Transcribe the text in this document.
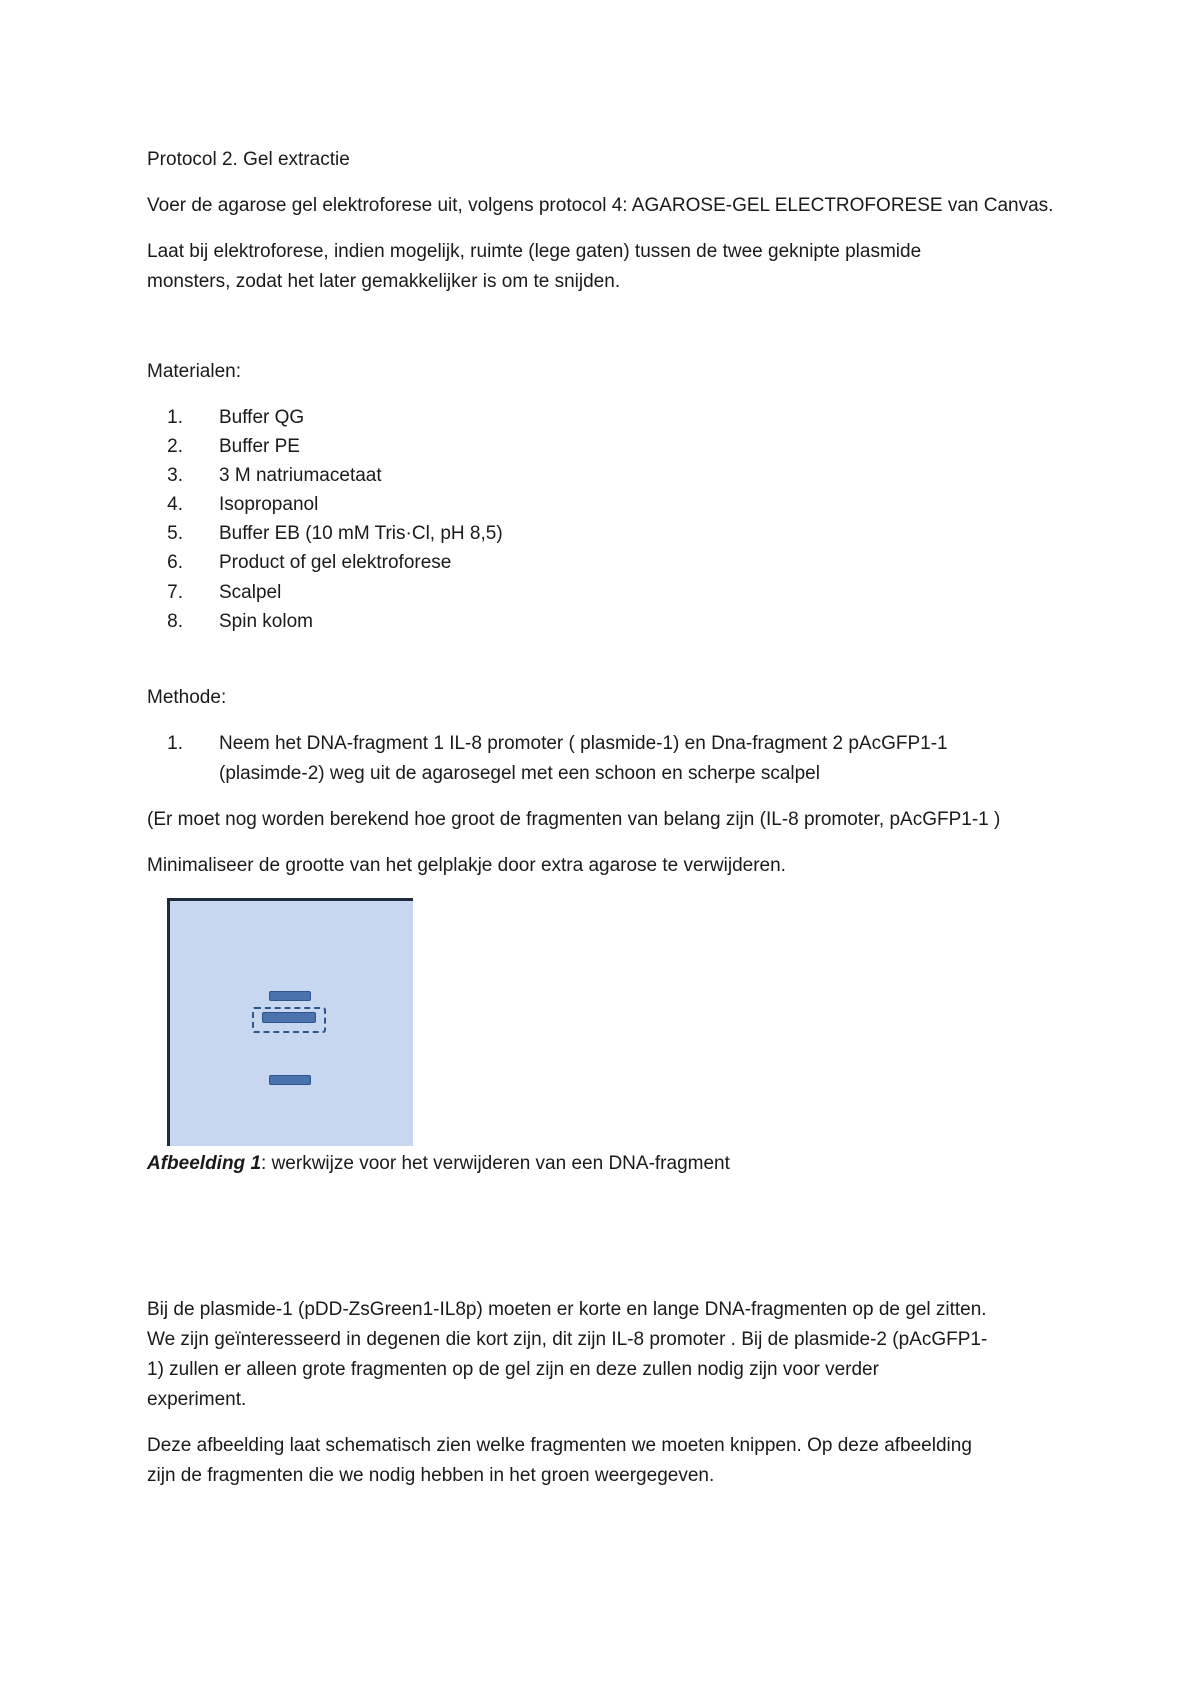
Protocol 2. Gel extractie
Voer de agarose gel elektroforese uit, volgens protocol 4: AGAROSE-GEL ELECTROFORESE van Canvas.
Laat bij elektroforese, indien mogelijk, ruimte (lege gaten) tussen de twee geknipte plasmide
monsters, zodat het later gemakkelijker is om te snijden.
Materialen:
1. Buffer QG
2. Buffer PE
3. 3 M natriumacetaat
4. Isopropanol
5. Buffer EB (10 mM Tris·Cl, pH 8,5)
6. Product of gel elektroforese
7. Scalpel
8. Spin kolom
Methode:
1. Neem het DNA-fragment 1 IL-8 promoter ( plasmide-1) en Dna-fragment 2 pAcGFP1-1
(plasimde-2) weg uit de agarosegel met een schoon en scherpe scalpel
(Er moet nog worden berekend hoe groot de fragmenten van belang zijn (IL-8 promoter, pAcGFP1-1 )
Minimaliseer de grootte van het gelplakje door extra agarose te verwijderen.
Afbeelding 1: werkwijze voor het verwijderen van een DNA-fragment
Bij de plasmide-1 (pDD-ZsGreen1-IL8p) moeten er korte en lange DNA-fragmenten op de gel zitten.
We zijn geïnteresseerd in degenen die kort zijn, dit zijn IL-8 promoter . Bij de plasmide-2 (pAcGFP1-
1) zullen er alleen grote fragmenten op de gel zijn en deze zullen nodig zijn voor verder
experiment.
Deze afbeelding laat schematisch zien welke fragmenten we moeten knippen. Op deze afbeelding
zijn de fragmenten die we nodig hebben in het groen weergegeven.
